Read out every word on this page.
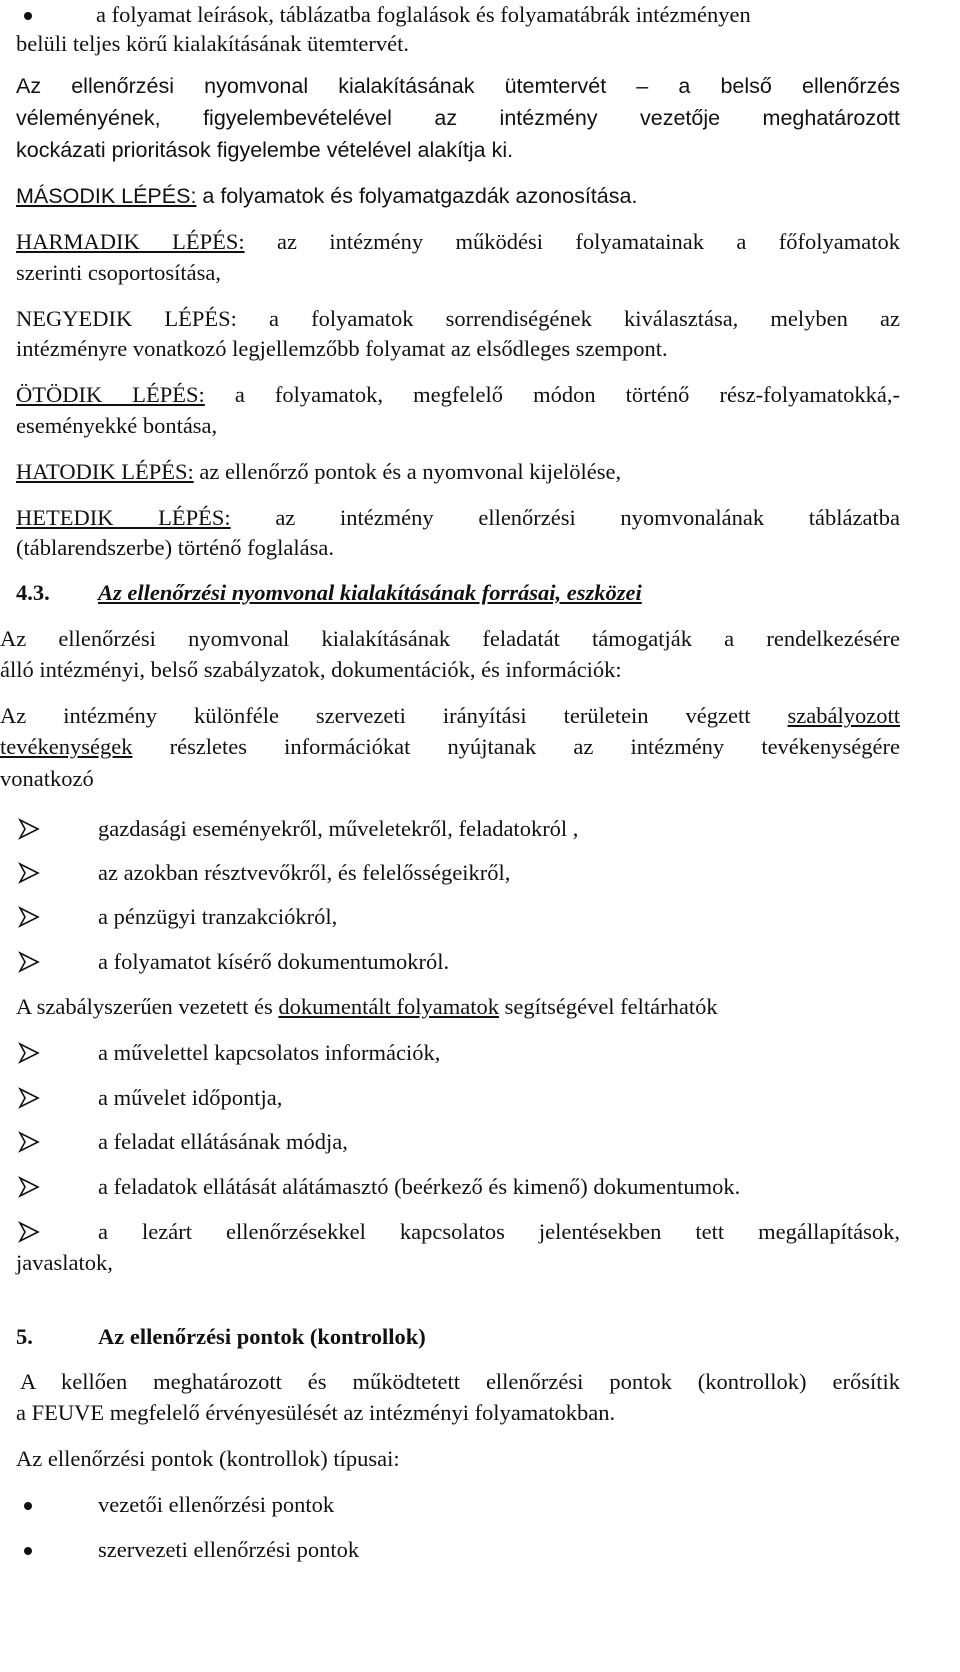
a folyamat leírások, táblázatba foglalások és folyamatábrák intézményen
belüli teljes körű kialakításának ütemtervét.
Az ellenőrzési nyomvonal kialakításának ütemtervét – a belső ellenőrzés
véleményének, figyelembevételével az intézmény vezetője meghatározott
kockázati prioritások figyelembe vételével alakítja ki.
MÁSODIK LÉPÉS: a folyamatok és folyamatgazdák azonosítása.
HARMADIK LÉPÉS: az intézmény működési folyamatainak a főfolyamatok
szerinti csoportosítása,
NEGYEDIK LÉPÉS: a folyamatok sorrendiségének kiválasztása, melyben az
intézményre vonatkozó legjellemzőbb folyamat az elsődleges szempont.
ÖTÖDIK LÉPÉS: a folyamatok, megfelelő módon történő rész-folyamatokká,-
eseményekké bontása,
HATODIK LÉPÉS: az ellenőrző pontok és a nyomvonal kijelölése,
HETEDIK LÉPÉS: az intézmény ellenőrzési nyomvonalának táblázatba
(táblarendszerbe) történő foglalása.
4.3. Az ellenőrzési nyomvonal kialakításának forrásai, eszközei
Az ellenőrzési nyomvonal kialakításának feladatát támogatják a rendelkezésére
álló intézményi, belső szabályzatok, dokumentációk, és információk:
Az intézmény különféle szervezeti irányítási területein végzett szabályozott
tevékenységek részletes információkat nyújtanak az intézmény tevékenységére
vonatkozó
gazdasági eseményekről, műveletekről, feladatokról ,
az azokban résztvevőkről, és felelősségeikről,
a pénzügyi tranzakciókról,
a folyamatot kísérő dokumentumokról.
A szabályszerűen vezetett és dokumentált folyamatok segítségével feltárhatók
a művelettel kapcsolatos információk,
a művelet időpontja,
a feladat ellátásának módja,
a feladatok ellátását alátámasztó (beérkező és kimenő) dokumentumok.
a lezárt ellenőrzésekkel kapcsolatos jelentésekben tett megállapítások,
javaslatok,
5.	Az ellenőrzési pontok (kontrollok)
A kellően meghatározott és működtetett ellenőrzési pontok (kontrollok) erősítik
a FEUVE megfelelő érvényesülését az intézményi folyamatokban.
Az ellenőrzési pontok (kontrollok) típusai:
vezetői ellenőrzési pontok
szervezeti ellenőrzési pontok
